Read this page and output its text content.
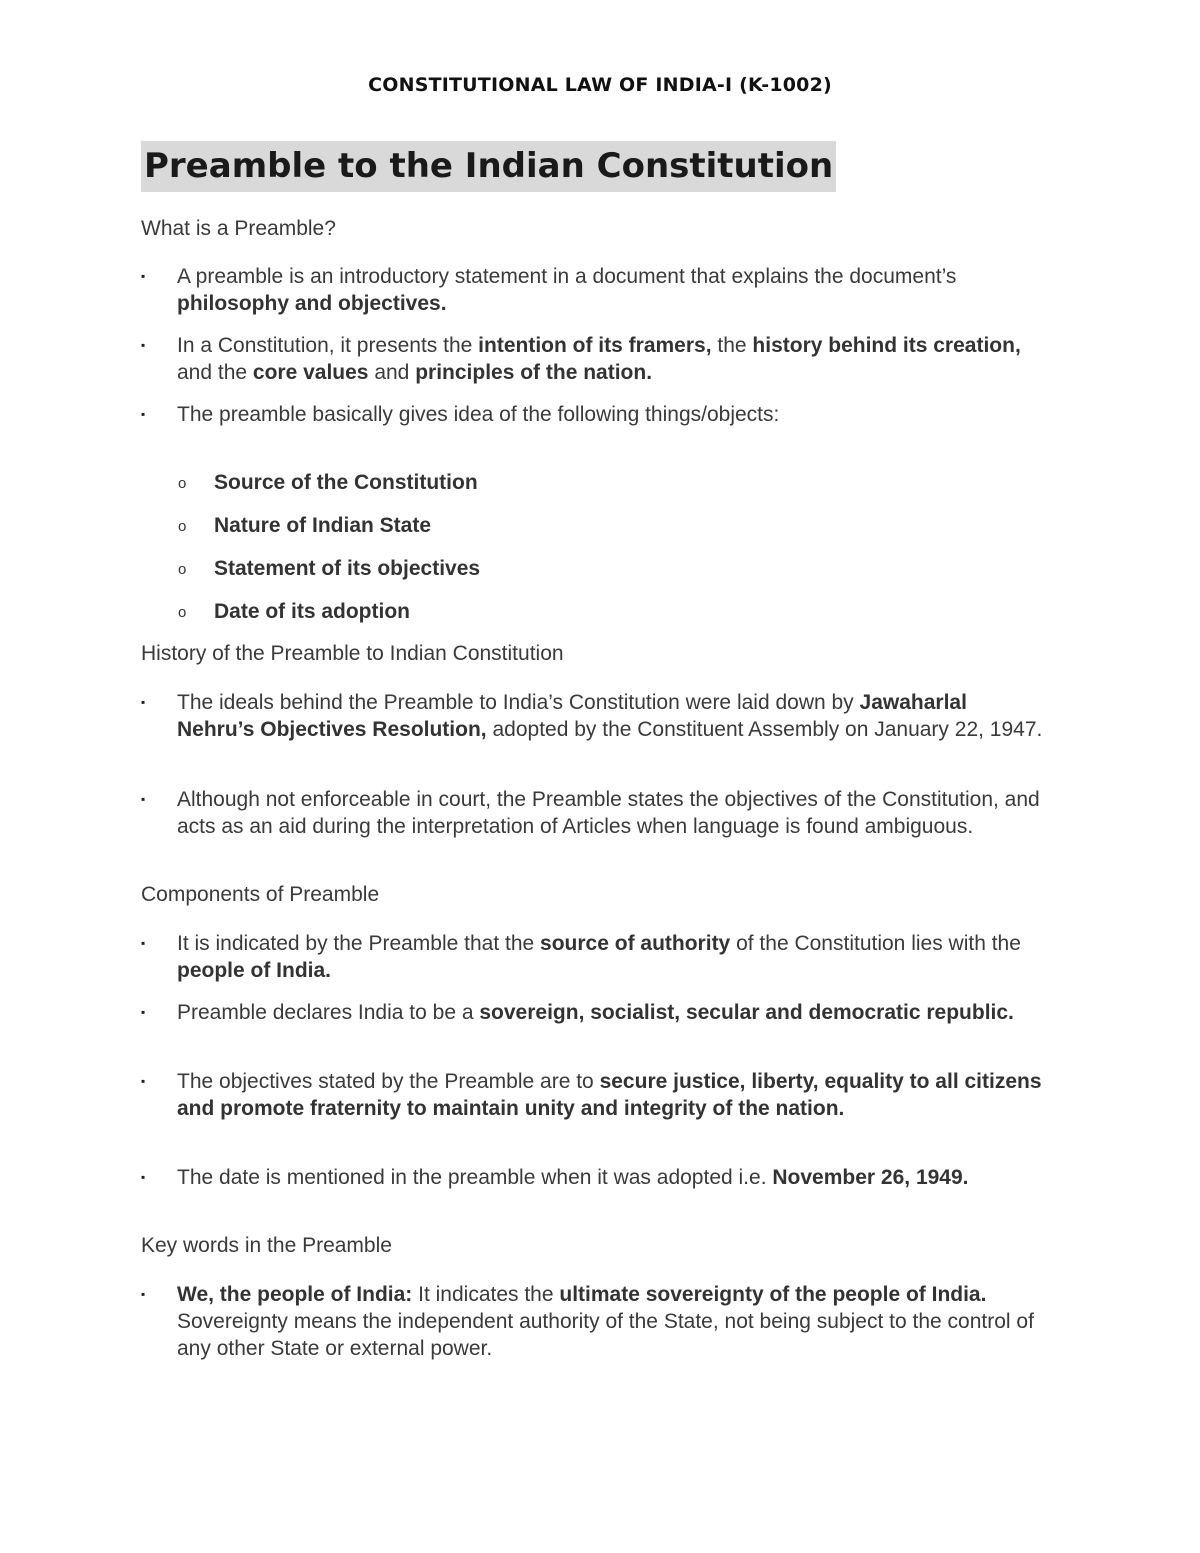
CONSTITUTIONAL LAW OF INDIA-I (K-1002)
Preamble to the Indian Constitution
What is a Preamble?
▪	A preamble is an introductory statement in a document that explains the document’s philosophy and objectives.
▪	In a Constitution, it presents the intention of its framers, the history behind its creation, and the core values and principles of the nation.
▪	The preamble basically gives idea of the following things/objects:
o Source of the Constitution
o Nature of Indian State
o Statement of its objectives
o Date of its adoption
History of the Preamble to Indian Constitution
▪	The ideals behind the Preamble to India’s Constitution were laid down by Jawaharlal Nehru’s Objectives Resolution, adopted by the Constituent Assembly on January 22, 1947.
▪	Although not enforceable in court, the Preamble states the objectives of the Constitution, and acts as an aid during the interpretation of Articles when language is found ambiguous.
Components of Preamble
▪	It is indicated by the Preamble that the source of authority of the Constitution lies with the people of India.
▪	Preamble declares India to be a sovereign, socialist, secular and democratic republic.
▪	The objectives stated by the Preamble are to secure justice, liberty, equality to all citizens and promote fraternity to maintain unity and integrity of the nation.
▪	The date is mentioned in the preamble when it was adopted i.e. November 26, 1949.
Key words in the Preamble
▪	We, the people of India: It indicates the ultimate sovereignty of the people of India. Sovereignty means the independent authority of the State, not being subject to the control of any other State or external power.
